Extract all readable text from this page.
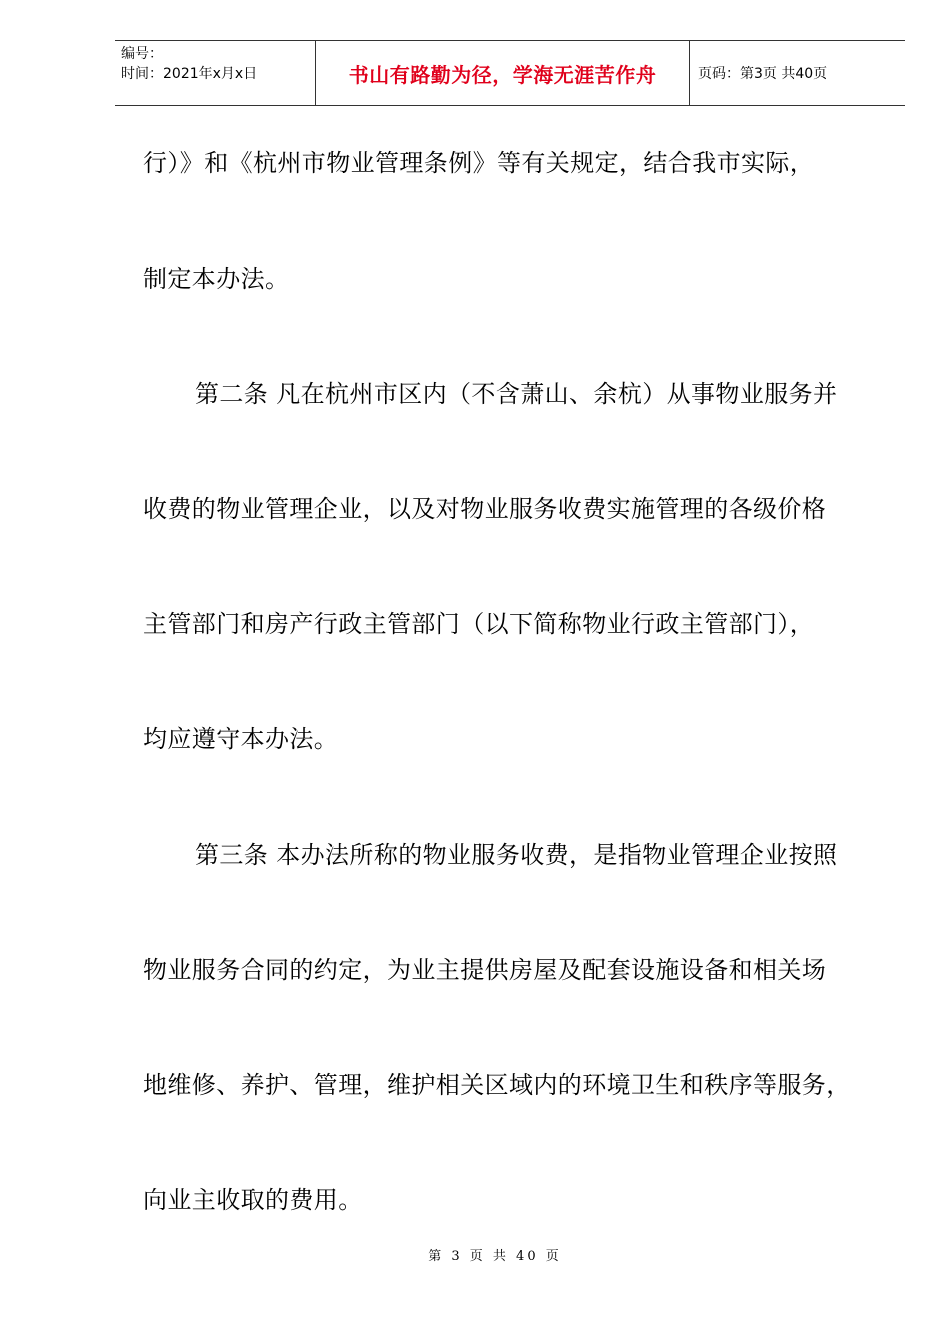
编号：
时间：2021年x月x日	书山有路勤为径，学海无涯苦作舟	页码：第3页 共40页
行）》和《杭州市物业管理条例》等有关规定，结合我市实际，
制定本办法。
第二条 凡在杭州市区内（不含萧山、余杭）从事物业服务并
收费的物业管理企业，以及对物业服务收费实施管理的各级价格
主管部门和房产行政主管部门（以下简称物业行政主管部门），
均应遵守本办法。
第三条 本办法所称的物业服务收费，是指物业管理企业按照
物业服务合同的约定，为业主提供房屋及配套设施设备和相关场
地维修、养护、管理，维护相关区域内的环境卫生和秩序等服务，
向业主收取的费用。
第 3 页 共 40 页
